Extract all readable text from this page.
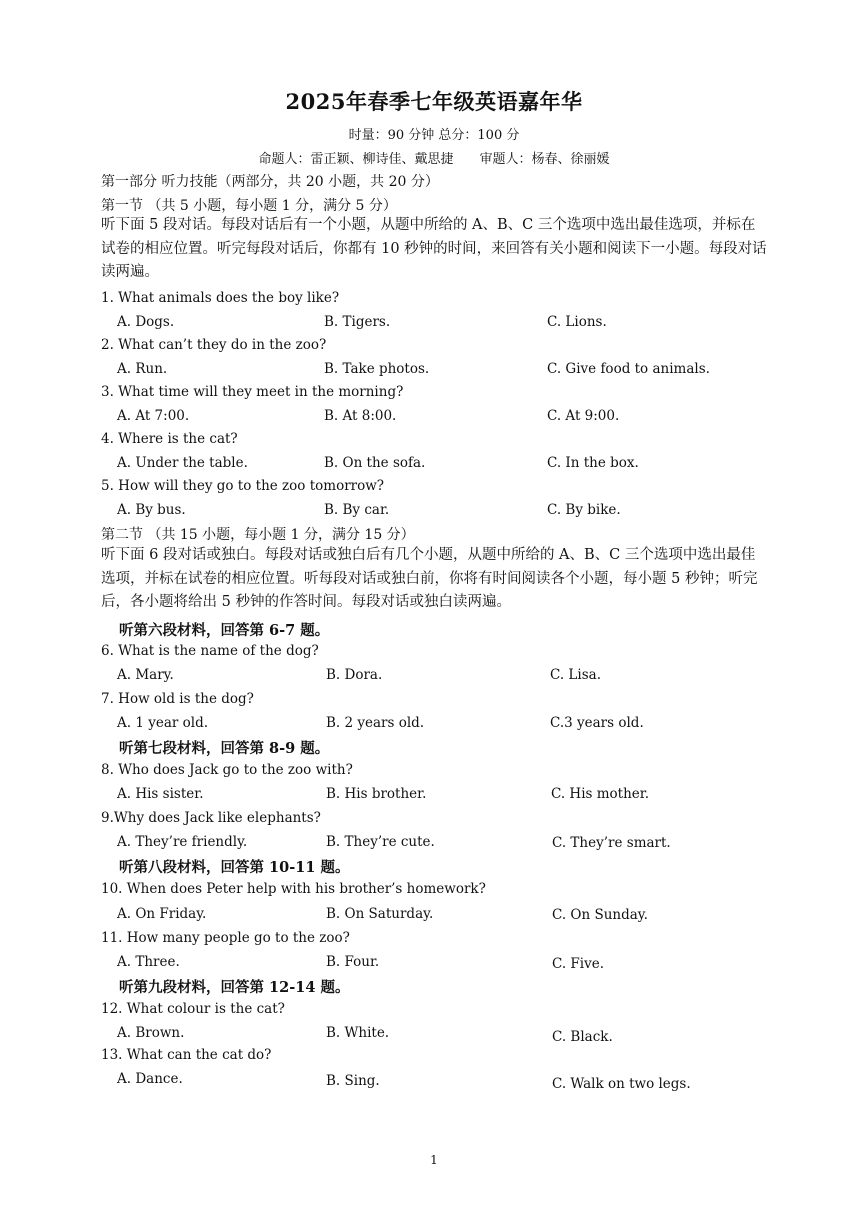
2025年春季七年级英语嘉年华
时量：90 分钟 总分：100 分
命题人：雷正颖、柳诗佳、戴思捷　　审题人：杨春、徐丽媛
第一部分 听力技能（两部分，共 20 小题，共 20 分）
第一节 （共 5 小题，每小题 1 分，满分 5 分）
听下面 5 段对话。每段对话后有一个小题，从题中所给的 A、B、C 三个选项中选出最佳选项，并标在试卷的相应位置。听完每段对话后，你都有 10 秒钟的时间，来回答有关小题和阅读下一小题。每段对话读两遍。
1. What animals does the boy like?
A. Dogs.	B. Tigers.	C. Lions.
2. What can’t they do in the zoo?
A. Run.	B. Take photos.	C. Give food to animals.
3. What time will they meet in the morning?
A. At 7:00.	B. At 8:00.	C. At 9:00.
4. Where is the cat?
A. Under the table.	B. On the sofa.	C. In the box.
5. How will they go to the zoo tomorrow?
A. By bus.	B. By car.	C. By bike.
第二节 （共 15 小题，每小题 1 分，满分 15 分）
听下面 6 段对话或独白。每段对话或独白后有几个小题，从题中所给的 A、B、C 三个选项中选出最佳选项，并标在试卷的相应位置。听每段对话或独白前，你将有时间阅读各个小题，每小题 5 秒钟；听完后，各小题将给出 5 秒钟的作答时间。每段对话或独白读两遍。
听第六段材料，回答第 6-7 题。
6. What is the name of the dog?
A. Mary.	B. Dora.	C. Lisa.
7. How old is the dog?
A. 1 year old.	B. 2 years old.	C.3 years old.
听第七段材料，回答第 8-9 题。
8. Who does Jack go to the zoo with?
A. His sister.	B. His brother.	C. His mother.
9.Why does Jack like elephants?
A. They’re friendly.	B. They’re cute.	C. They’re smart.
听第八段材料，回答第 10-11 题。
10. When does Peter help with his brother’s homework?
A. On Friday.	B. On Saturday.	C. On Sunday.
11. How many people go to the zoo?
A. Three.	B. Four.	C. Five.
听第九段材料，回答第 12-14 题。
12. What colour is the cat?
A. Brown.	B. White.	C. Black.
13. What can the cat do?
A. Dance.	B. Sing.	C. Walk on two legs.
1
